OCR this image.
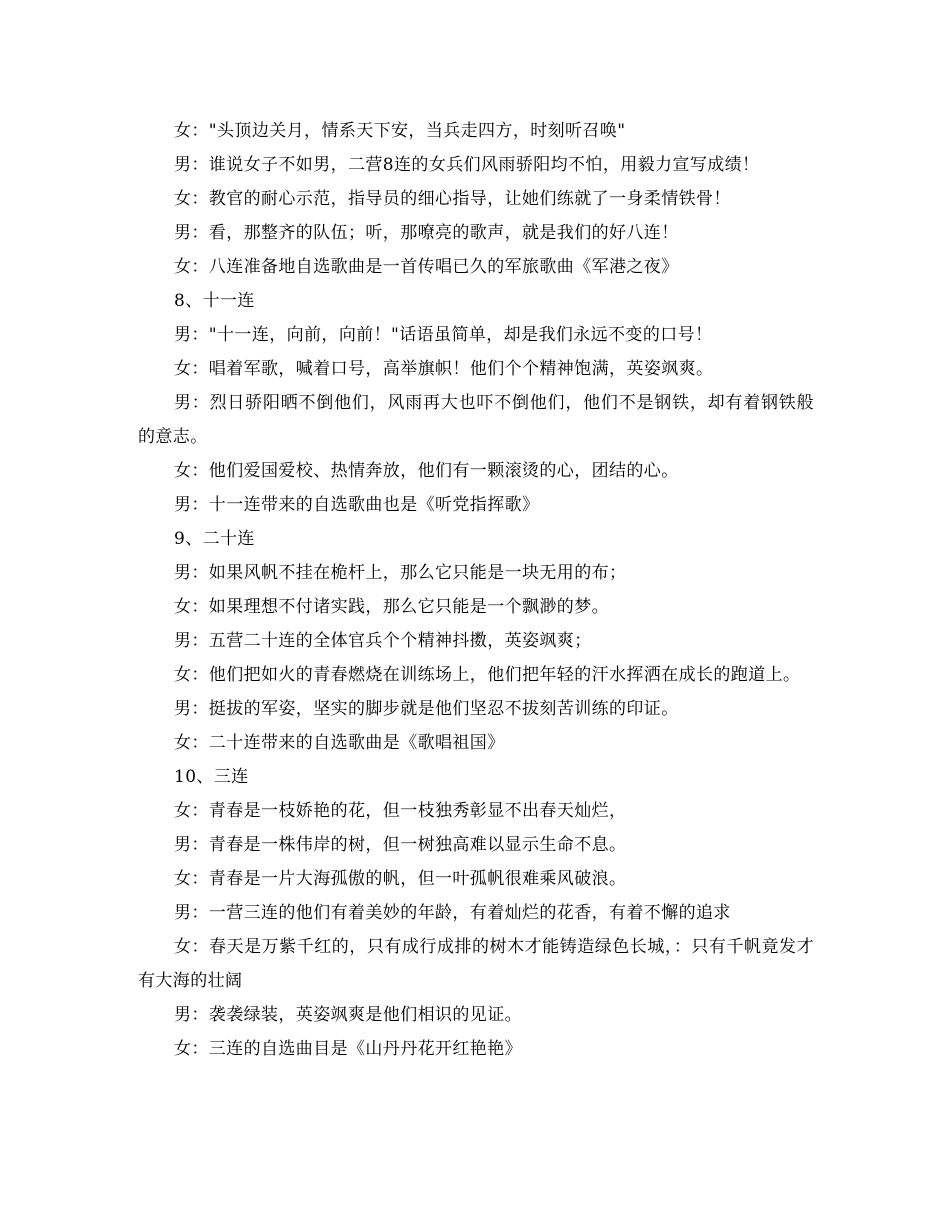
女："头顶边关月，情系天下安，当兵走四方，时刻听召唤"

男：谁说女子不如男，二营8连的女兵们风雨骄阳均不怕，用毅力宣写成绩！

女：教官的耐心示范，指导员的细心指导，让她们练就了一身柔情铁骨！

男：看，那整齐的队伍；听，那嘹亮的歌声，就是我们的好八连！

女：八连准备地自选歌曲是一首传唱已久的军旅歌曲《军港之夜》

8、十一连

男："十一连，向前，向前！"话语虽简单，却是我们永远不变的口号！

女：唱着军歌，喊着口号，高举旗帜！他们个个精神饱满，英姿飒爽。

男：烈日骄阳晒不倒他们，风雨再大也吓不倒他们，他们不是钢铁，却有着钢铁般的意志。

女：他们爱国爱校、热情奔放，他们有一颗滚烫的心，团结的心。

男：十一连带来的自选歌曲也是《听党指挥歌》

9、二十连

男：如果风帆不挂在桅杆上，那么它只能是一块无用的布；

女：如果理想不付诸实践，那么它只能是一个飘渺的梦。

男：五营二十连的全体官兵个个精神抖擞，英姿飒爽；

女：他们把如火的青春燃烧在训练场上，他们把年轻的汗水挥洒在成长的跑道上。

男：挺拔的军姿，坚实的脚步就是他们坚忍不拔刻苦训练的印证。

女：二十连带来的自选歌曲是《歌唱祖国》

10、三连

女：青春是一枝娇艳的花，但一枝独秀彰显不出春天灿烂，

男：青春是一株伟岸的树，但一树独高难以显示生命不息。

女：青春是一片大海孤傲的帆，但一叶孤帆很难乘风破浪。

男：一营三连的他们有着美妙的年龄，有着灿烂的花香，有着不懈的追求

女：春天是万紫千红的，只有成行成排的树木才能铸造绿色长城，：只有千帆竟发才有大海的壮阔

男：袭袭绿装，英姿飒爽是他们相识的见证。

女：三连的自选曲目是《山丹丹花开红艳艳》
